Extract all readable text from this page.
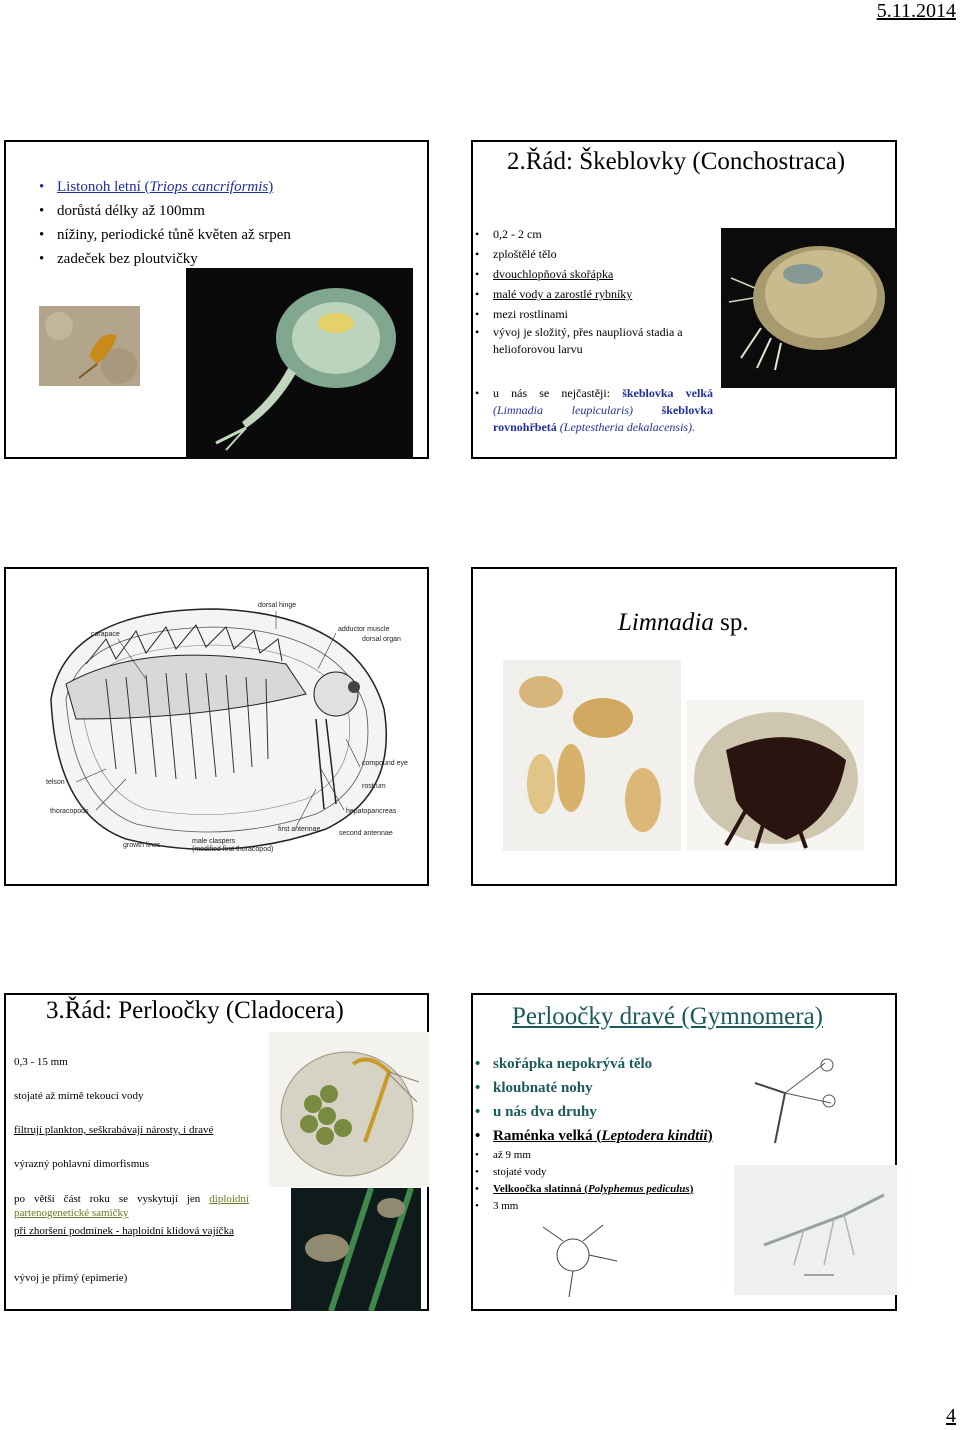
5.11.2014
• Listonoh letní (Triops cancriformis)
• dorůstá délky až 100mm
• nížiny, periodické tůně květen až srpen
• zadeček bez ploutvičky
2.Řád: Škeblovky (Conchostraca)
• 0,2 - 2 cm
• zploštělé tělo
• dvouchlopňová skořápka
• malé vody a zarostlé rybníky
• mezi rostlinami
• vývoj je složitý, přes naupliová stadia a helioforovou larvu
• u nás se nejčastěji: škeblovka velká (Limnadia leupicularis) škeblovka rovnohřbetá (Leptestheria dekalacensis).
dorsal hinge
carapace
adductor muscle
dorsal organ
compound eye
rostrum
telson
thoracopods	hepatopancreas
first antennae
second antennae
growth lines
male claspers
(modified first thoracopod)
Limnadia sp.
3.Řád: Perloočky (Cladocera)
0,3 - 15 mm
stojaté až mírně tekoucí vody
filtrují plankton, seškrabávají nárosty, i dravé
výrazný pohlavní dimorfismus
po větší část roku se vyskytují jen diploidní partenogenetické samičky
při zhoršení podmínek - haploidní klidová vajíčka
vývoj je přímý (epimerie)
Perloočky dravé (Gymnomera)
• skořápka nepokrývá tělo
• kloubnaté nohy
• u nás dva druhy
• Raménka velká (Leptodera kindtii)
• až 9 mm
• stojaté vody
• Velkoočka slatinná (Polyphemus pediculus)
• 3 mm
4
